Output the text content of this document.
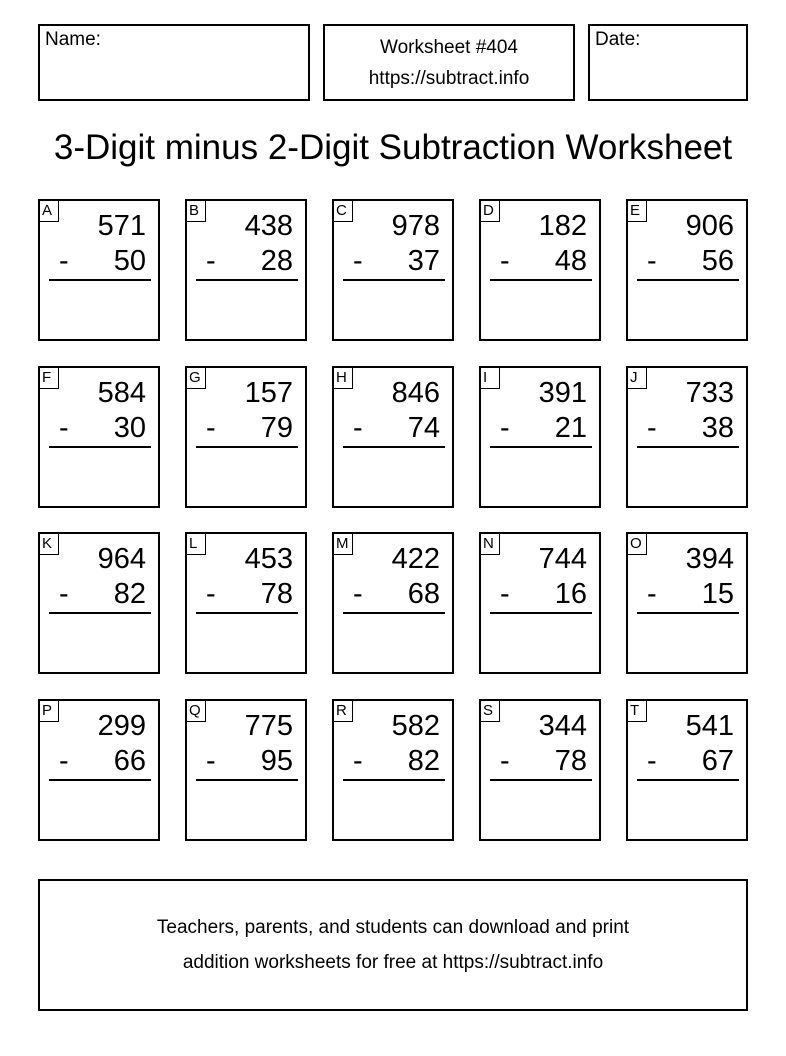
Name:	Worksheet #404
https://subtract.info
Date:
3-Digit minus 2-Digit Subtraction Worksheet
A 571
- 50
B 438
- 28
C 978
- 37
D 182
- 48
E 906
- 56
F 584
- 30
G 157
- 79
H 846
- 74
I	391
- 21
J	733
- 38
K 964
- 82
L 453
- 78
M 422
- 68
N 744
- 16
O 394
- 15
P 299
- 66
Q 775
- 95
R 582
- 82
S 344
- 78
T 541
- 67
Teachers, parents, and students can download and print
addition worksheets for free at https://subtract.info
